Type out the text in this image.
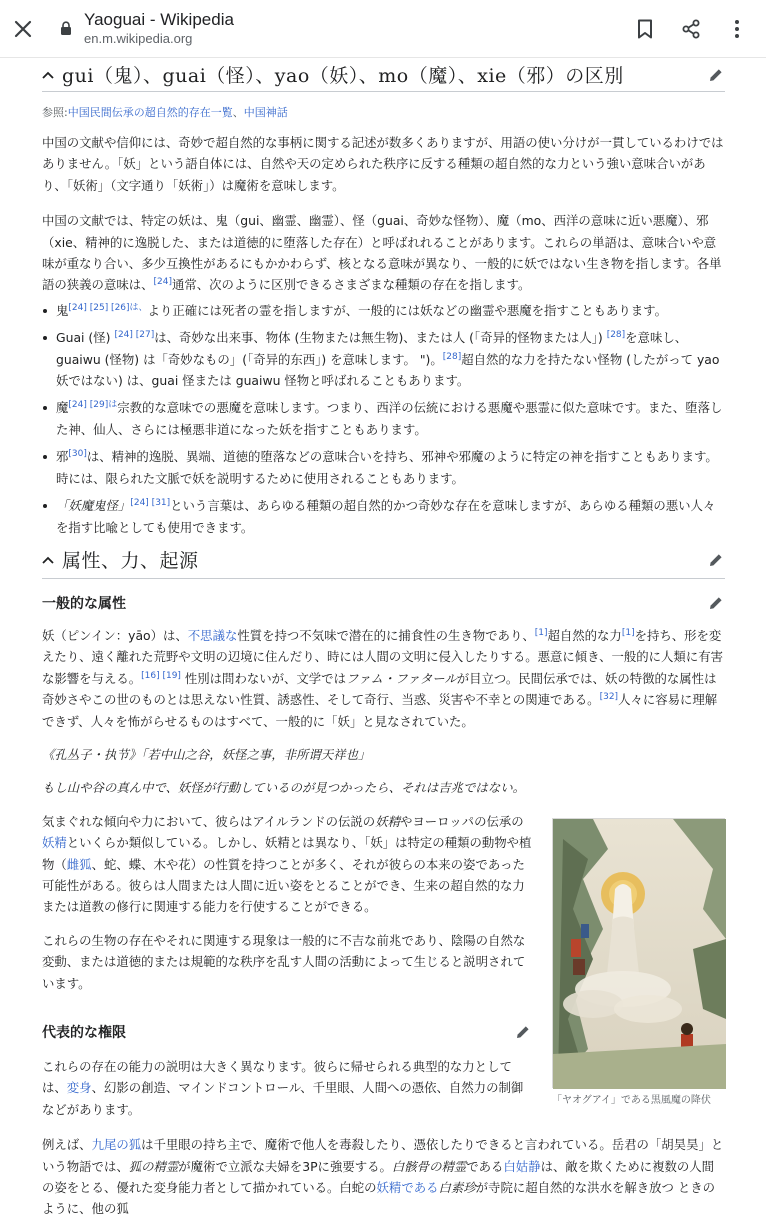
Yaoguai - Wikipedia
en.m.wikipedia.org
gui（鬼）、guai（怪）、yao（妖）、mo（魔）、xie（邪）の区別

参照:中国民間伝承の超自然的存在一覧、中国神話

中国の文献や信仰には、奇妙で超自然的な事柄に関する記述が数多くありますが、用語の使い分けが一貫しているわけではありません。「妖」という語自体には、自然や天の定められた秩序に反する種類の超自然的な力という強い意味合いがあり、「妖術」（文字通り「妖術」）は魔術を意味します。

中国の文献では、特定の妖は、鬼（gui、幽霊、幽霊）、怪（guai、奇妙な怪物）、魔（mo、西洋の意味に近い悪魔）、邪（xie、精神的に逸脱した、または道徳的に堕落した存在）と呼ばれれることがあります。これらの単語は、意味合いや意味が重なり合い、多少互換性があるにもかかわらず、核となる意味が異なり、一般的に妖ではない生き物を指します。各単語の狭義の意味は、[24]通常、次のように区別できるさまざまな種類の存在を指します。

鬼$^{[24] [25] [26]は、}$より正確には死者の霊を指しますが、一般的には妖などの幽霊や悪魔を指すこともあります。
Guai (怪) [24] [27]は、奇妙な出来事、物体 (生物または無生物)、または人 (「奇异的怪物または人」) [28]を意味し、guaiwu (怪物) は「奇妙なもの」(「奇异的东西」) を意味します。 ")。[28]超自然的な力を持たない怪物 (したがって yao 妖ではない) は、guai 怪または guaiwu 怪物と呼ばれることもあります。
魔$^{[24] [29]は}$宗教的な意味での悪魔を意味します。つまり、西洋の伝統における悪魔や悪霊に似た意味です。また、堕落した神、仙人、さらには極悪非道になった妖を指すこともあります。
邪[30]は、精神的逸脱、異端、道徳的堕落などの意味合いを持ち、邪神や邪魔のように特定の神を指すこともあります。時には、限られた文脈で妖を説明するために使用されることもあります。
「妖魔鬼怪」[24] [31]という言葉は、あらゆる種類の超自然的かつ奇妙な存在を意味しますが、あらゆる種類の悪い人々を指す比喩としても使用できます。
属性、力、起源
一般的な属性

妖（ピンイン：yāo）は、不思議な性質を持つ不気味で潜在的に捕食性の生き物であり、[1]超自然的な力[1]を持ち、形を変えたり、遠く離れた荒野や文明の辺境に住んだり、時には人間の文明に侵入したりする。悪意に傾き、一般的に人類に有害な影響を与える。[16] [19] 性別は問わないが、文学ではファム・ファタールが目立つ。民間伝承では、妖の特徴的な属性は奇妙さやこの世のものとは思えない性質、誘惑性、そして奇行、当惑、災害や不幸との関連である。[32]人々に容易に理解できず、人々を怖がらせるものはすべて、一般的に「妖」と見なされていた。

《孔丛子・执节》「若中山之谷，妖怪之事，非所谓天祥也」

もし山や谷の真ん中で、妖怪が行動しているのが見つかったら、それは吉兆ではない。

「ヤオグアイ」である黒風魔の降伏

気まぐれな傾向や力において、彼らはアイルランドの伝説の妖精やヨーロッパの伝承の妖精といくらか類似している。しかし、妖精とは異なり、「妖」は特定の種類の動物や植物（雌狐、蛇、蝶、木や花）の性質を持つことが多く、それが彼らの本来の姿であった可能性がある。彼らは人間または人間に近い姿をとることができ、生来の超自然的な力または道教の修行に関連する能力を行使することができる。

これらの生物の存在やそれに関連する現象は一般的に不吉な前兆であり、陰陽の自然な変動、または道徳的または規範的な秩序を乱す人間の活動によって生じると説明されています。

代表的な権限

これらの存在の能力の説明は大きく異なります。彼らに帰せられる典型的な力としては、変身、幻影の創造、マインドコントロール、千里眼、人間への憑依、自然力の制御などがあります。

例えば、九尾の狐は千里眼の持ち主で、魔術で他人を毒殺したり、憑依したりできると言われている。岳君の「胡昊昊」という物語では、狐の精霊が魔術で立派な夫婦を3Pに強要する。白骸骨の精霊である白姑静は、敵を欺くために複数の人間の姿をとる、優れた変身能力者として描かれている。白蛇の妖精である白素珍が寺院に超自然的な洪水を解き放つ ときのように、他の狐
